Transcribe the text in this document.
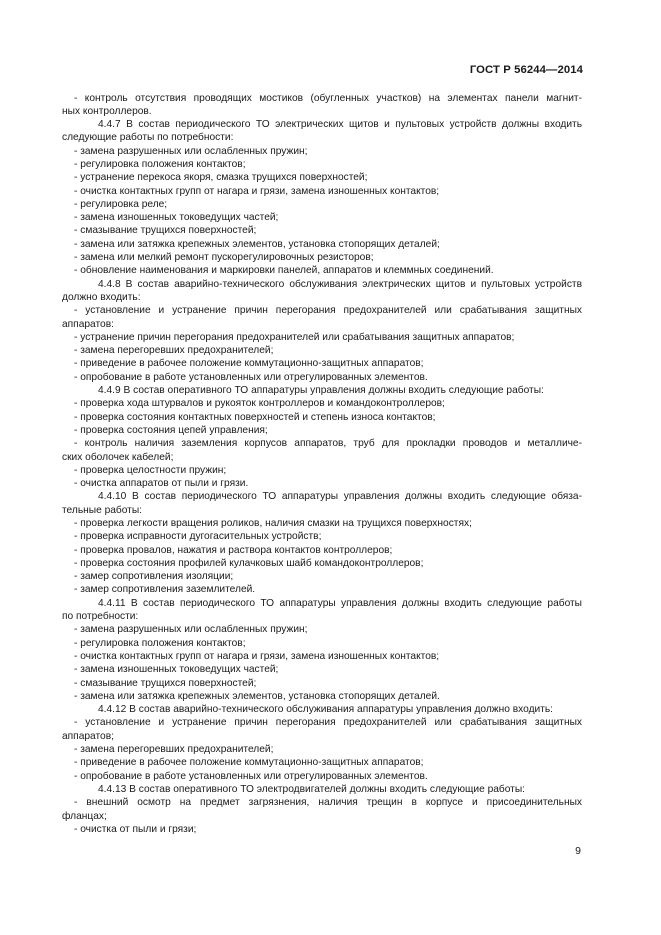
ГОСТ Р 56244—2014
- контроль отсутствия проводящих мостиков (обугленных участков) на элементах панели магнит-
ных контроллеров.
4.4.7 В состав периодического ТО электрических щитов и пультовых устройств должны входить
следующие работы по потребности:
- замена разрушенных или ослабленных пружин;
- регулировка положения контактов;
- устранение перекоса якоря, смазка трущихся поверхностей;
- очистка контактных групп от нагара и грязи, замена изношенных контактов;
- регулировка реле;
- замена изношенных токоведущих частей;
- смазывание трущихся поверхностей;
- замена или затяжка крепежных элементов, установка стопорящих деталей;
- замена или мелкий ремонт пускорегулировочных резисторов;
- обновление наименования и маркировки панелей, аппаратов и клеммных соединений.
4.4.8 В состав аварийно-технического обслуживания электрических щитов и пультовых устройств
должно входить:
- установление и устранение причин перегорания предохранителей или срабатывания защитных
аппаратов:
- устранение причин перегорания предохранителей или срабатывания защитных аппаратов;
- замена перегоревших предохранителей;
- приведение в рабочее положение коммутационно-защитных аппаратов;
- опробование в работе установленных или отрегулированных элементов.
4.4.9 В состав оперативного ТО аппаратуры управления должны входить следующие работы:
- проверка хода штурвалов и рукояток контроллеров и командоконтроллеров;
- проверка состояния контактных поверхностей и степень износа контактов;
- проверка состояния цепей управления;
- контроль наличия заземления корпусов аппаратов, труб для прокладки проводов и металличе-
ских оболочек кабелей;
- проверка целостности пружин;
- очистка аппаратов от пыли и грязи.
4.4.10 В состав периодического ТО аппаратуры управления должны входить следующие обяза-
тельные работы:
- проверка легкости вращения роликов, наличия смазки на трущихся поверхностях;
- проверка исправности дугогасительных устройств;
- проверка провалов, нажатия и раствора контактов контроллеров;
- проверка состояния профилей кулачковых шайб командоконтроллеров;
- замер сопротивления изоляции;
- замер сопротивления заземлителей.
4.4.11 В состав периодического ТО аппаратуры управления должны входить следующие работы
по потребности:
- замена разрушенных или ослабленных пружин;
- регулировка положения контактов;
- очистка контактных групп от нагара и грязи, замена изношенных контактов;
- замена изношенных токоведущих частей;
- смазывание трущихся поверхностей;
- замена или затяжка крепежных элементов, установка стопорящих деталей.
4.4.12 В состав аварийно-технического обслуживания аппаратуры управления должно входить:
- установление и устранение причин перегорания предохранителей или срабатывания защитных
аппаратов;
- замена перегоревших предохранителей;
- приведение в рабочее положение коммутационно-защитных аппаратов;
- опробование в работе установленных или отрегулированных элементов.
4.4.13 В состав оперативного ТО электродвигателей должны входить следующие работы:
- внешний осмотр на предмет загрязнения, наличия трещин в корпусе и присоединительных
фланцах;
- очистка от пыли и грязи;
9
